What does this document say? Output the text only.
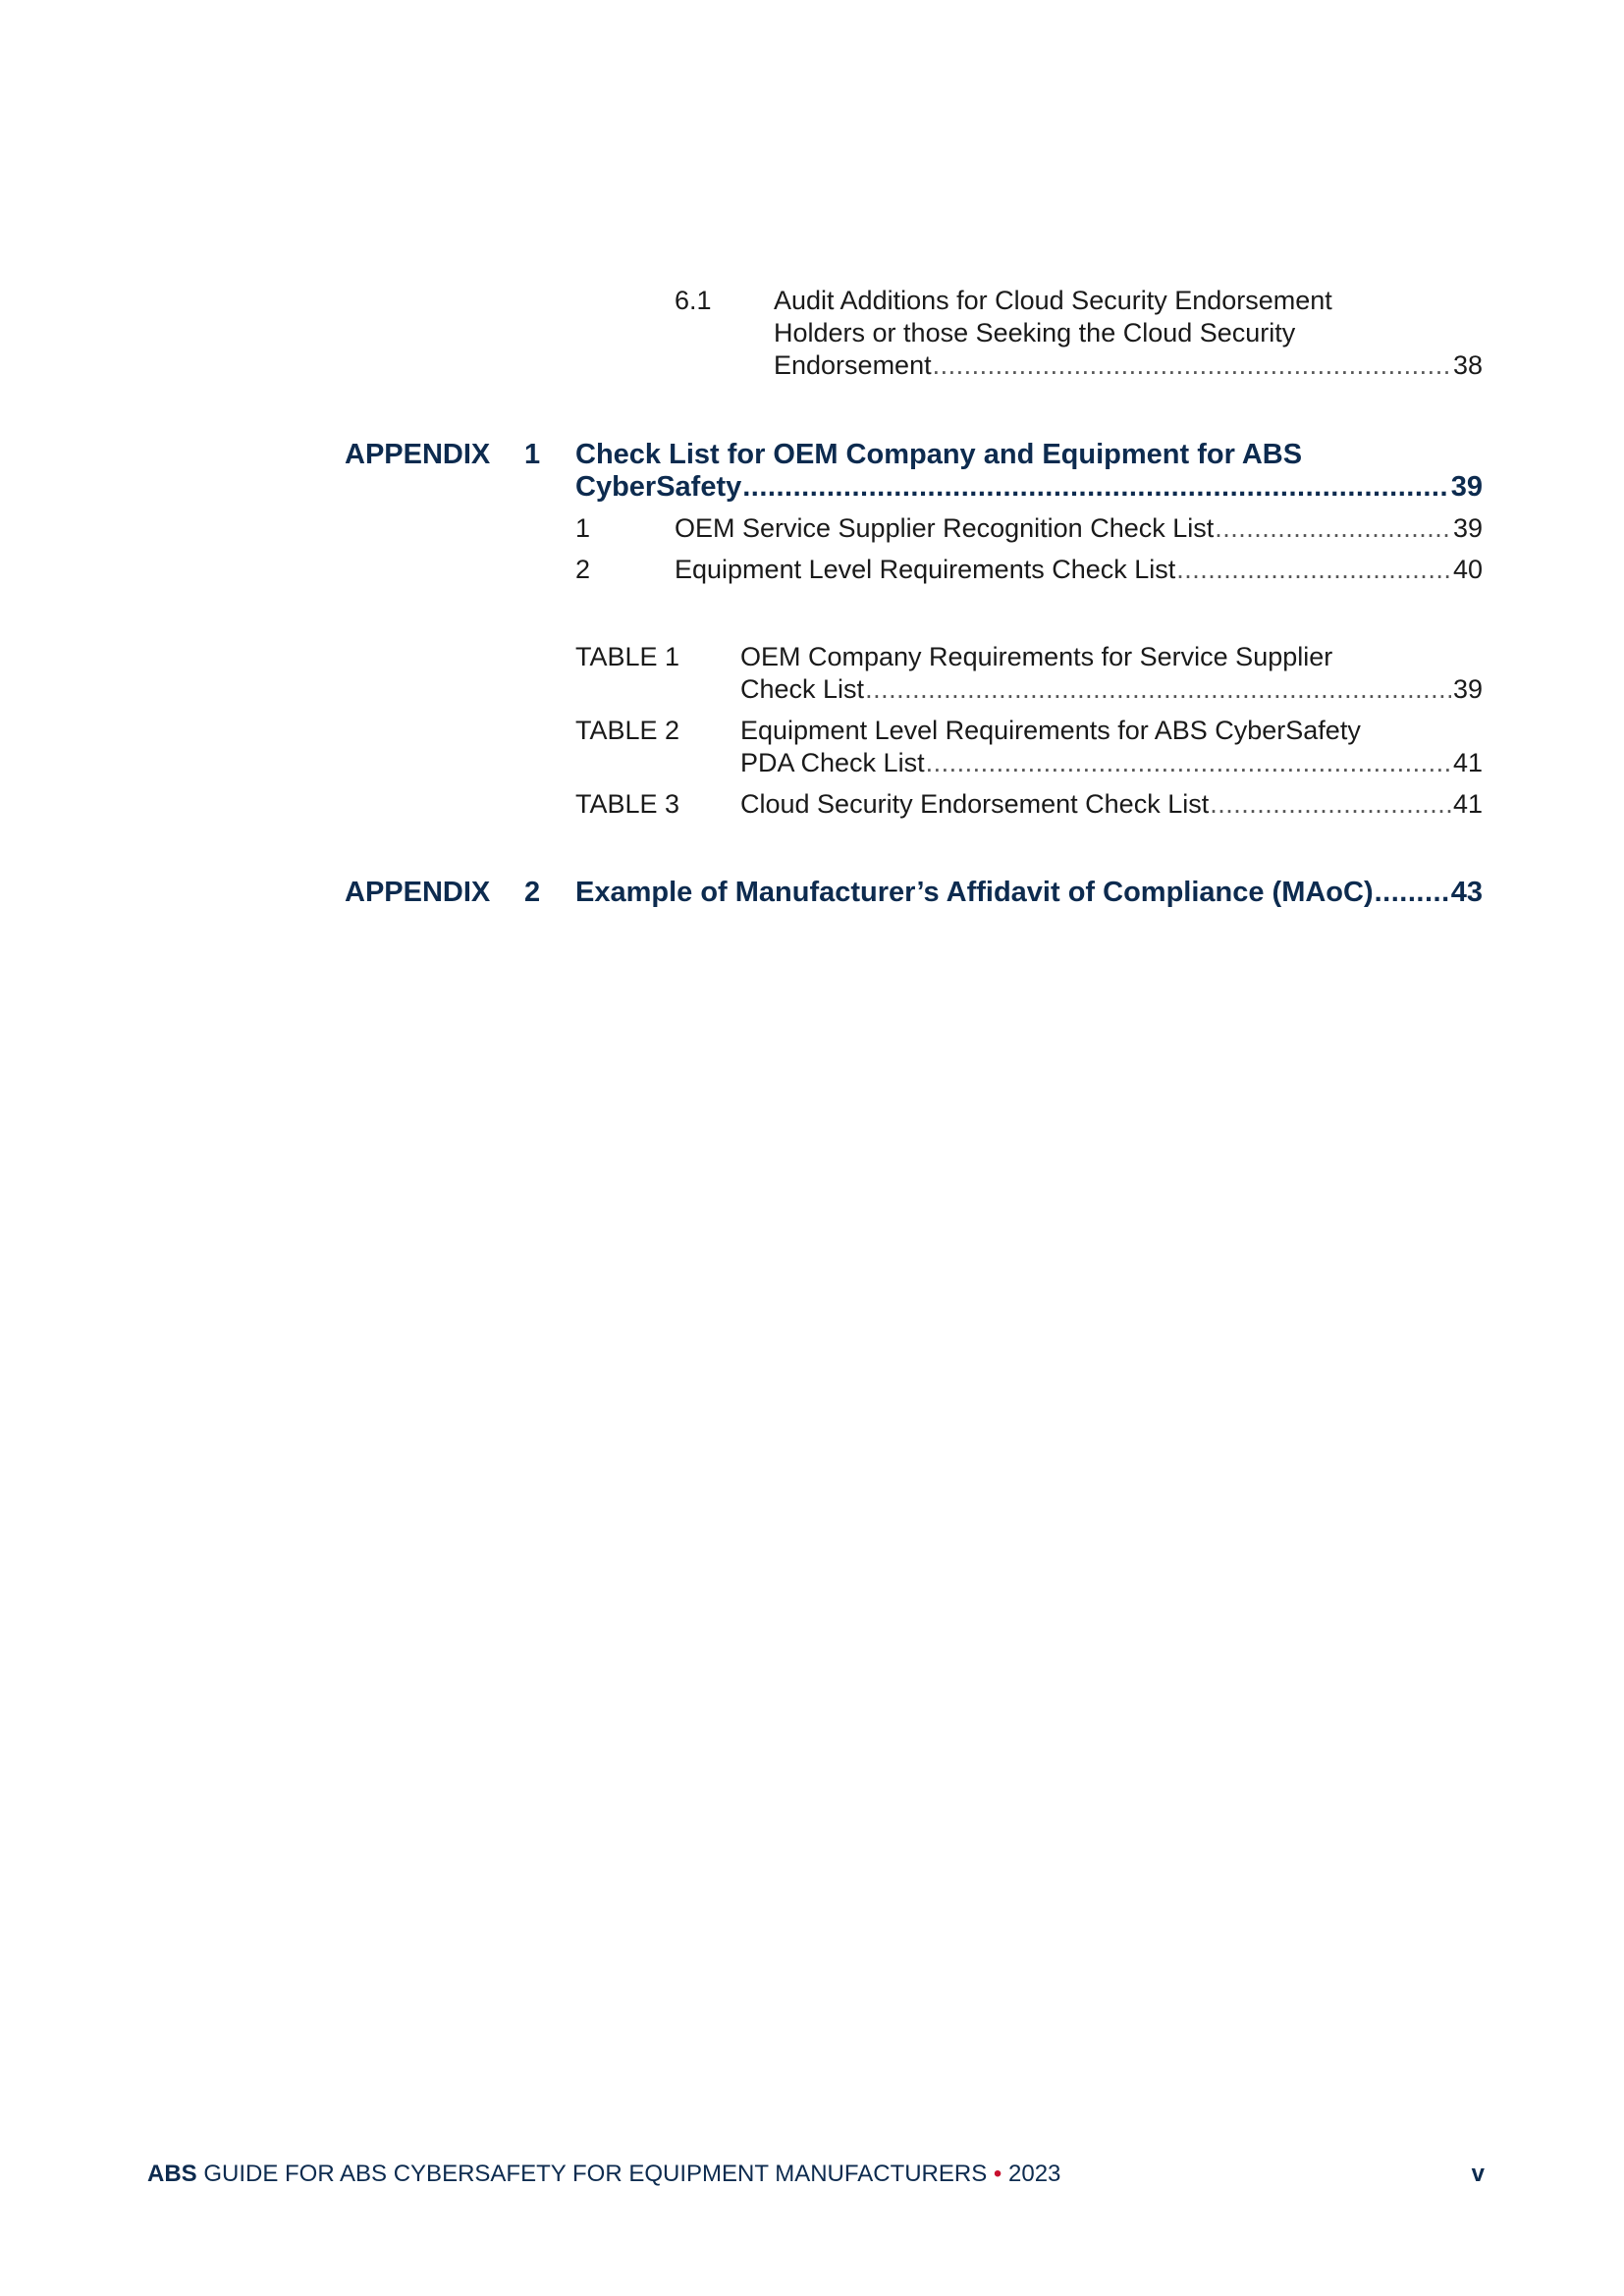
6.1 Audit Additions for Cloud Security Endorsement
Holders or those Seeking the Cloud Security
Endorsement .....	38
APPENDIX 1 Check List for OEM Company and Equipment for ABS
CyberSafety .....	39
1	OEM Service Supplier Recognition Check List .....	39
2	Equipment Level Requirements Check List .....	40
TABLE 1 OEM Company Requirements for Service Supplier
Check List .....	39
TABLE 2 Equipment Level Requirements for ABS CyberSafety
PDA Check List .....	41
TABLE 3 Cloud Security Endorsement Check List .....	41
APPENDIX 2 Example of Manufacturer’s Affidavit of Compliance (MAoC) .....	43
ABS GUIDE FOR ABS CYBERSAFETY FOR EQUIPMENT MANUFACTURERS • 2023	v
